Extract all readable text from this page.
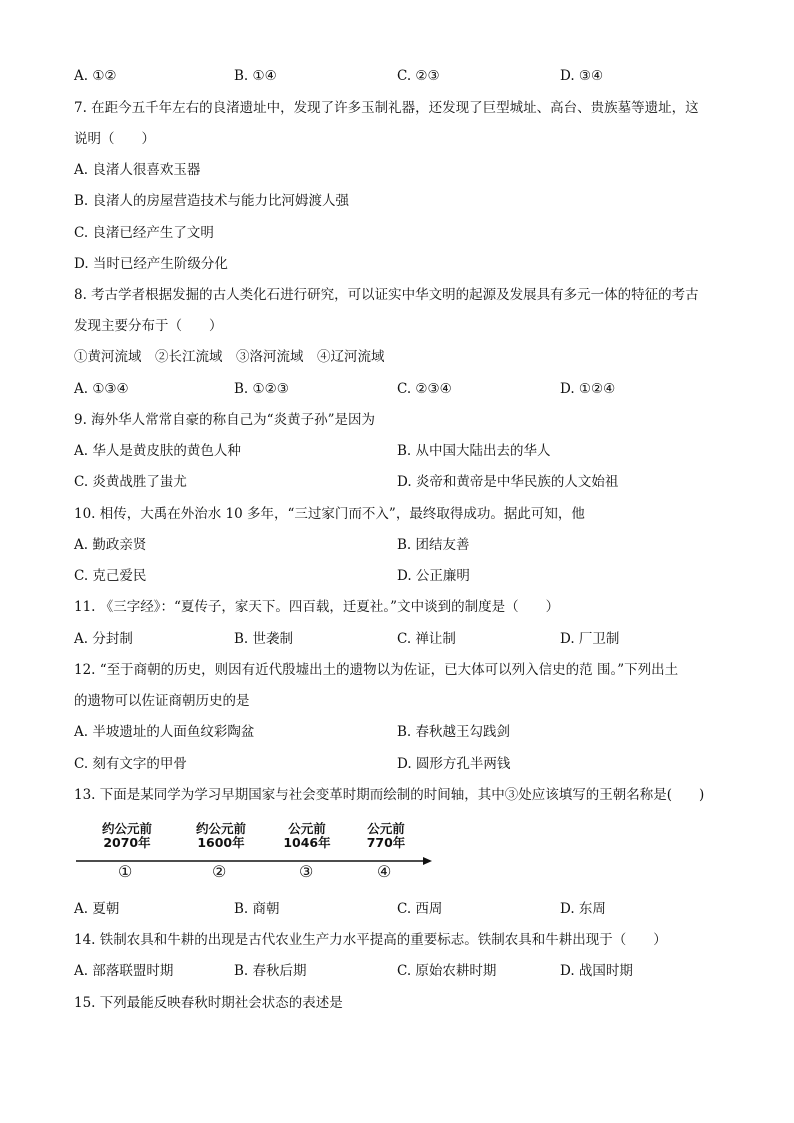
A. ①②	B. ①④	C. ②③	D. ③④
7. 在距今五千年左右的良渚遗址中，发现了许多玉制礼器，还发现了巨型城址、高台、贵族墓等遗址，这
说明（　　）
A. 良渚人很喜欢玉器
B. 良渚人的房屋营造技术与能力比河姆渡人强
C. 良渚已经产生了文明
D. 当时已经产生阶级分化
8. 考古学者根据发掘的古人类化石进行研究，可以证实中华文明的起源及发展具有多元一体的特征的考古
发现主要分布于（　　）
①黄河流域　②长江流域　③洛河流域　④辽河流域
A. ①③④	B. ①②③	C. ②③④	D. ①②④
9. 海外华人常常自豪的称自己为“炎黄子孙”是因为
A. 华人是黄皮肤的黄色人种	B. 从中国大陆出去的华人
C. 炎黄战胜了蚩尤	D. 炎帝和黄帝是中华民族的人文始祖
10. 相传，大禹在外治水 10 多年，“三过家门而不入”，最终取得成功。据此可知，他
A. 勤政亲贤	B. 团结友善
C. 克己爱民	D. 公正廉明
11. 《三字经》：“夏传子，家天下。四百载，迁夏社。”文中谈到的制度是（　　）
A. 分封制	B. 世袭制	C. 禅让制	D. 厂卫制
12. “至于商朝的历史，则因有近代殷墟出土的遗物以为佐证，已大体可以列入信史的范 围。”下列出土
的遗物可以佐证商朝历史的是
A. 半坡遗址的人面鱼纹彩陶盆	B. 春秋越王勾践剑
C. 刻有文字的甲骨	D. 圆形方孔半两钱
13. 下面是某同学为学习早期国家与社会变革时期而绘制的时间轴，其中③处应该填写的王朝名称是(　　)
约公元前
2070年
约公元前
1600年
公元前
1046年
公元前
770年
①	②	③	④
A. 夏朝	B. 商朝	C. 西周	D. 东周
14. 铁制农具和牛耕的出现是古代农业生产力水平提高的重要标志。铁制农具和牛耕出现于（　　）
A. 部落联盟时期	B. 春秋后期	C. 原始农耕时期	D. 战国时期
15. 下列最能反映春秋时期社会状态的表述是
